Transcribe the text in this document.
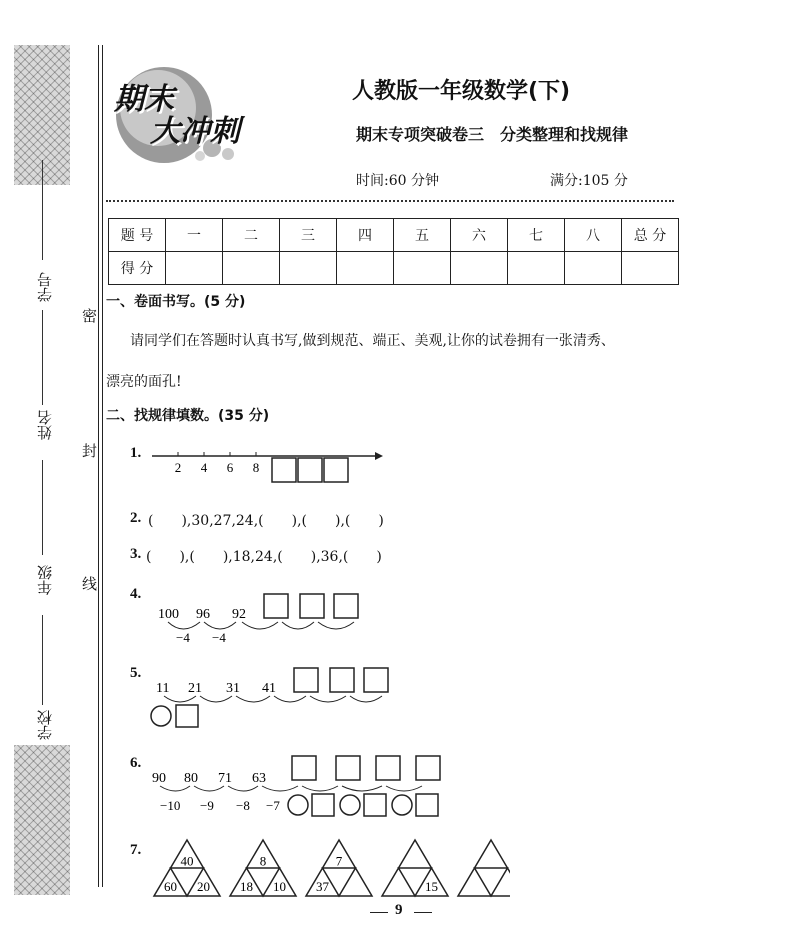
学号
姓名
年级
学校
密
封
线
期末
大冲刺
人教版一年级数学(下)
期末专项突破卷三　分类整理和找规律
时间:60 分钟	满分:105 分
题 号	一	二	三	四	五	六	七	八	总 分
得 分									
一、卷面书写。(5 分)
请同学们在答题时认真书写,做到规范、端正、美观,让你的试卷拥有一张清秀、
漂亮的面孔!
二、找规律填数。(35 分)
1.
2 4 6 8
2. (　　),30,27,24,(　　),(　　),(　　)
3. (　　),(　　),18,24,(　　),36,(　　)
4.
100 96 92
−4 −4
5.
11 21 31 41
6.
90 80 71 63
−10 −9 −8 −7
7.
40
60 20
8
18 10
7
37	15
9
